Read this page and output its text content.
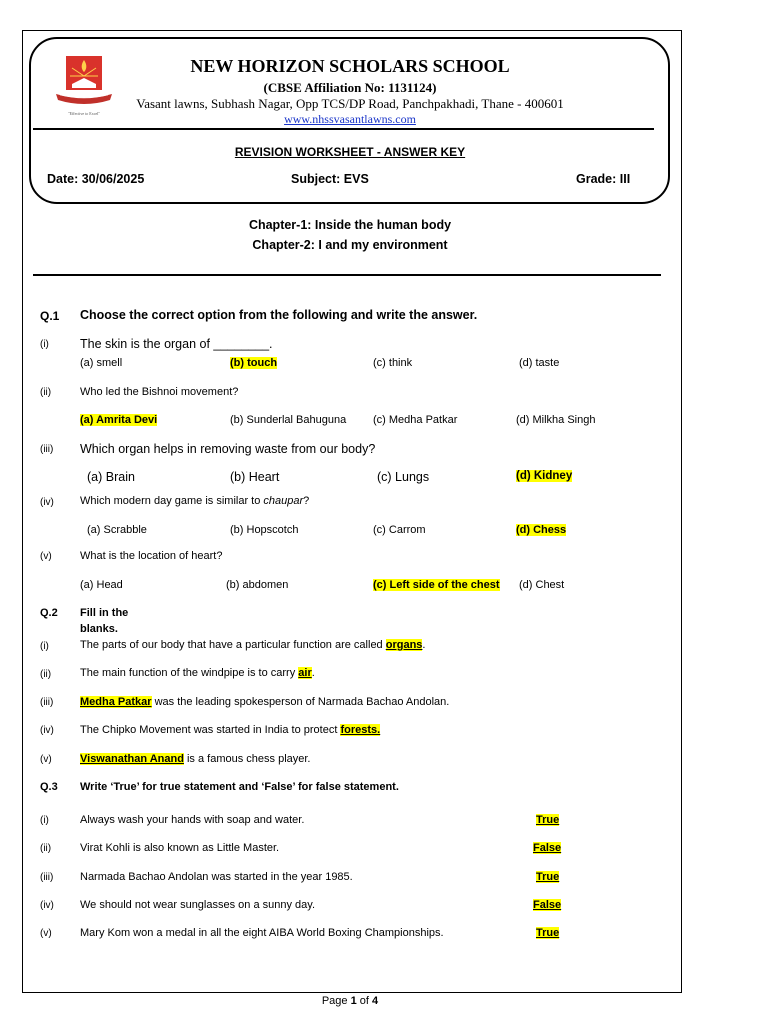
"Effective to Excel"
NEW HORIZON SCHOLARS SCHOOL
(CBSE Affiliation No: 1131124)
Vasant lawns, Subhash Nagar, Opp TCS/DP Road, Panchpakhadi, Thane - 400601
www.nhssvasantlawns.com
REVISION WORKSHEET - ANSWER KEY
Date: 30/06/2025	Subject: EVS	Grade: III
Chapter-1: Inside the human body
Chapter-2: I and my environment
Q.1 Choose the correct option from the following and write the answer.
(i) The skin is the organ of ________.
(a) smell	(b) touch	(c) think	(d) taste
(ii)	Who led the Bishnoi movement?
(a) Amrita Devi	(b) Sunderlal Bahuguna (c) Medha Patkar	(d) Milkha Singh
(iii) Which organ helps in removing waste from our body?
(a) Brain	(b) Heart	(c) Lungs	(d) Kidney
(iv) Which modern day game is similar to chaupar?
(a) Scrabble	(b) Hopscotch	(c) Carrom	(d) Chess
(v)	What is the location of heart?
(a) Head	(b) abdomen	(c) Left side of the chest (d) Chest
Q.2 Fill in the
blanks.
(i)	The parts of our body that have a particular function are called organs.
(ii)	The main function of the windpipe is to carry air.
(iii) Medha Patkar was the leading spokesperson of Narmada Bachao Andolan.
(iv) The Chipko Movement was started in India to protect forests.
(v)	Viswanathan Anand is a famous chess player.
Q.3 Write ‘True’ for true statement and ‘False’ for false statement.
(i)	Always wash your hands with soap and water.	True
(ii)	Virat Kohli is also known as Little Master.	False
(iii) Narmada Bachao Andolan was started in the year 1985.	True
(iv) We should not wear sunglasses on a sunny day.	False
(v)	Mary Kom won a medal in all the eight AIBA World Boxing Championships.	True
Page 1 of 4
